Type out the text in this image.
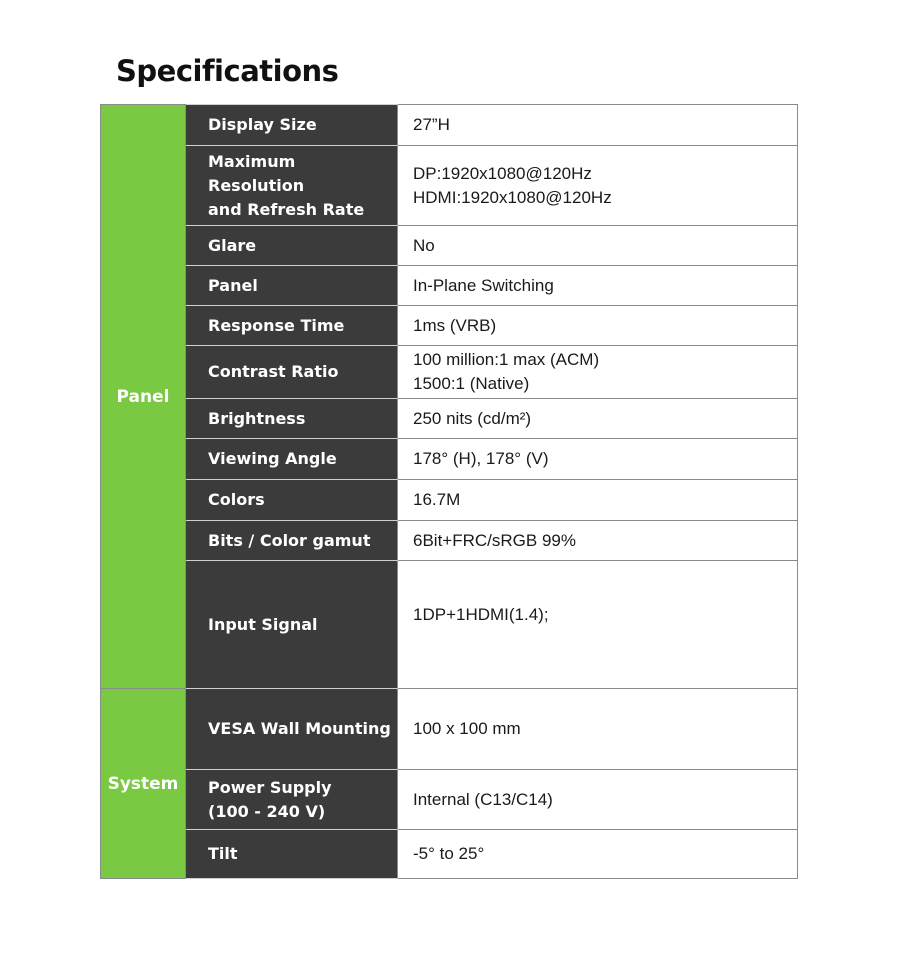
Specifications
Panel	Display Size	27”H

	Maximum
Resolution
and Refresh Rate	DP:1920x1080@120Hz
HDMI:1920x1080@120Hz

	Glare	No

	Panel	In-Plane Switching

	Response Time	1ms (VRB)

	Contrast Ratio	100 million:1 max (ACM)
1500:1 (Native)

	Brightness	250 nits (cd/m²)

	Viewing Angle	178° (H), 178° (V)

	Colors	16.7M

	Bits / Color gamut	6Bit+FRC/sRGB 99%

	Input Signal	1DP+1HDMI(1.4);

System	VESA Wall Mounting	100 x 100 mm

	Power Supply
(100 - 240 V)	Internal (C13/C14)

	Tilt	-5° to 25°
